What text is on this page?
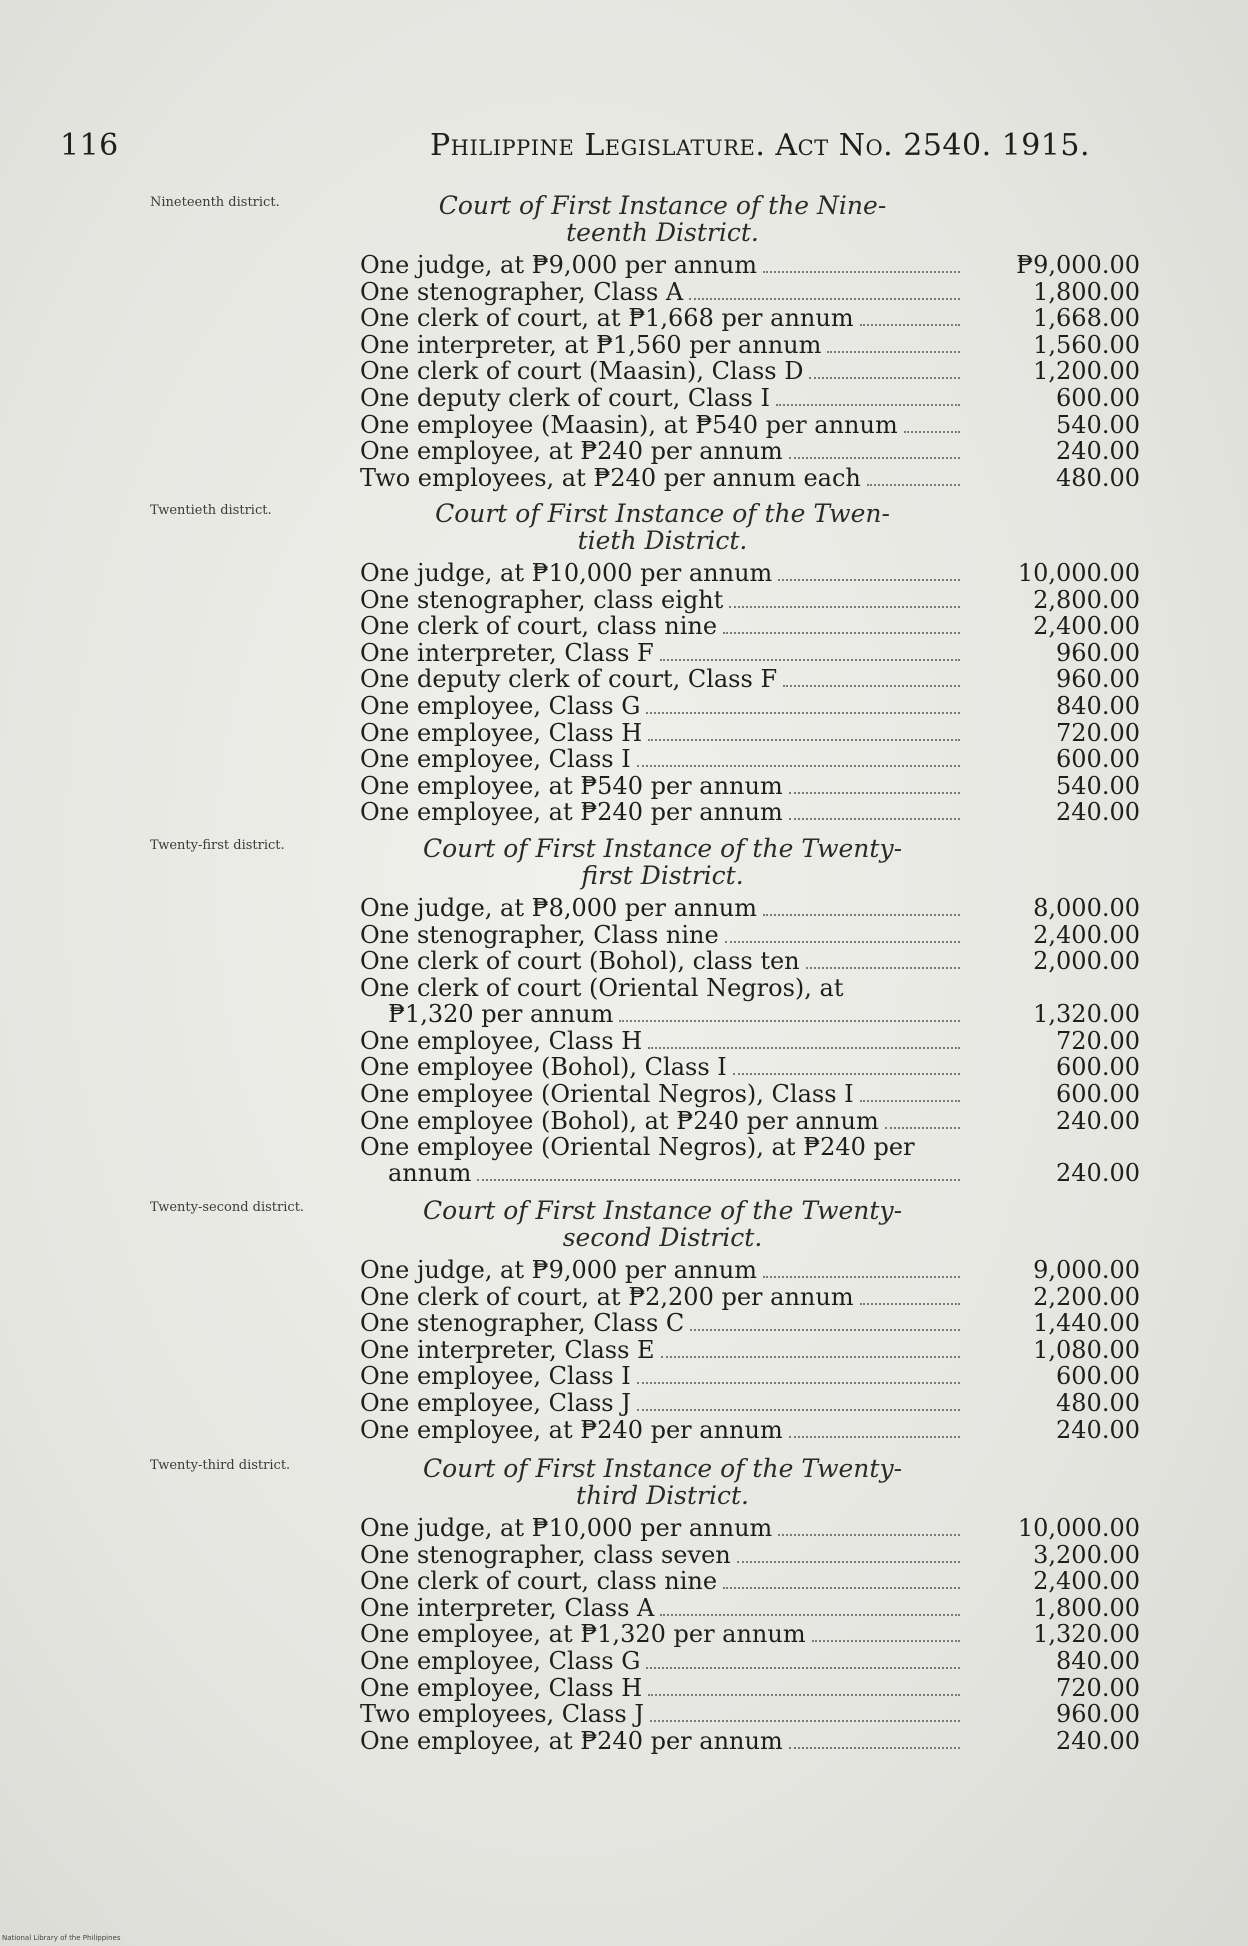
116	Philippine Legislature. Act No. 2540. 1915.
Nineteenth district.	Court of First Instance of the Nine-
teenth District.
One judge, at ₱9,000 per annum	₱9,000.00
One stenographer, Class A	1,800.00
One clerk of court, at ₱1,668 per annum	1,668.00
One interpreter, at ₱1,560 per annum	1,560.00
One clerk of court (Maasin), Class D	1,200.00
One deputy clerk of court, Class I	600.00
One employee (Maasin), at ₱540 per annum	540.00
One employee, at ₱240 per annum	240.00
Two employees, at ₱240 per annum each	480.00
Twentieth district.	Court of First Instance of the Twen-
tieth District.
One judge, at ₱10,000 per annum	10,000.00
One stenographer, class eight	2,800.00
One clerk of court, class nine	2,400.00
One interpreter, Class F	960.00
One deputy clerk of court, Class F	960.00
One employee, Class G	840.00
One employee, Class H	720.00
One employee, Class I	600.00
One employee, at ₱540 per annum	540.00
One employee, at ₱240 per annum	240.00
Twenty-first district.	Court of First Instance of the Twenty-
first District.
One judge, at ₱8,000 per annum	8,000.00
One stenographer, Class nine	2,400.00
One clerk of court (Bohol), class ten	2,000.00
One clerk of court (Oriental Negros), at
₱1,320 per annum	1,320.00
One employee, Class H	720.00
One employee (Bohol), Class I	600.00
One employee (Oriental Negros), Class I	600.00
One employee (Bohol), at ₱240 per annum	240.00
One employee (Oriental Negros), at ₱240 per
annum	240.00
Twenty-second district.	Court of First Instance of the Twenty-
second District.
One judge, at ₱9,000 per annum	9,000.00
One clerk of court, at ₱2,200 per annum	2,200.00
One stenographer, Class C	1,440.00
One interpreter, Class E	1,080.00
One employee, Class I	600.00
One employee, Class J	480.00
One employee, at ₱240 per annum	240.00
Twenty-third district.	Court of First Instance of the Twenty-
third District.
One judge, at ₱10,000 per annum	10,000.00
One stenographer, class seven	3,200.00
One clerk of court, class nine	2,400.00
One interpreter, Class A	1,800.00
One employee, at ₱1,320 per annum	1,320.00
One employee, Class G	840.00
One employee, Class H	720.00
Two employees, Class J	960.00
One employee, at ₱240 per annum	240.00
National Library of the Philippines
